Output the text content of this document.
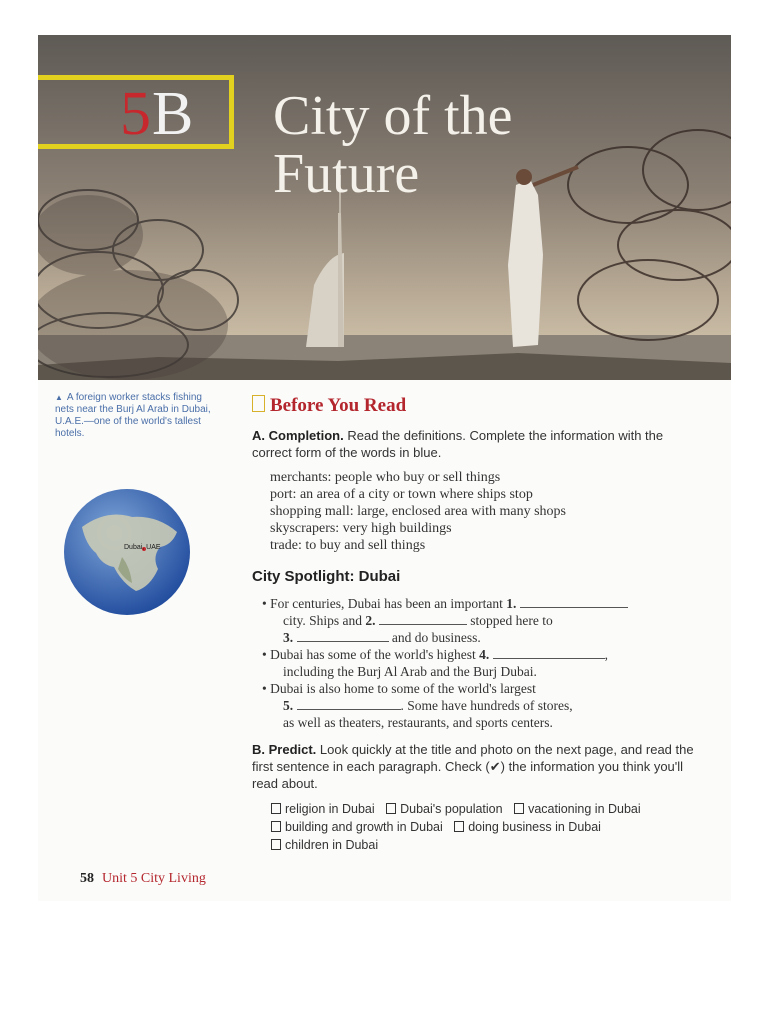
5B City of the
Future
▲ A foreign worker stacks fishing nets near the Burj Al Arab in Dubai, U.A.E.—one of the world's tallest hotels.
Dubai, UAE
Before You Read
A. Completion. Read the definitions. Complete the information with the correct form of the words in blue.
merchants: people who buy or sell things
port: an area of a city or town where ships stop
shopping mall: large, enclosed area with many shops
skyscrapers: very high buildings
trade: to buy and sell things
City Spotlight: Dubai

• For centuries, Dubai has been an important 1.

city. Ships and 2.	stopped here to

3.	and do business.

• Dubai has some of the world's highest 4.	,

including the Burj Al Arab and the Burj Dubai.

• Dubai is also home to some of the world's largest

5.	. Some have hundreds of stores,

as well as theaters, restaurants, and sports centers.

B. Predict. Look quickly at the title and photo on the next page, and read the first sentence in each paragraph. Check (✔) the information you think you'll read about.
religion in Dubai Dubai's population vacationing in Dubai
building and growth in Dubai doing business in Dubai
children in Dubai
58 Unit 5 City Living
